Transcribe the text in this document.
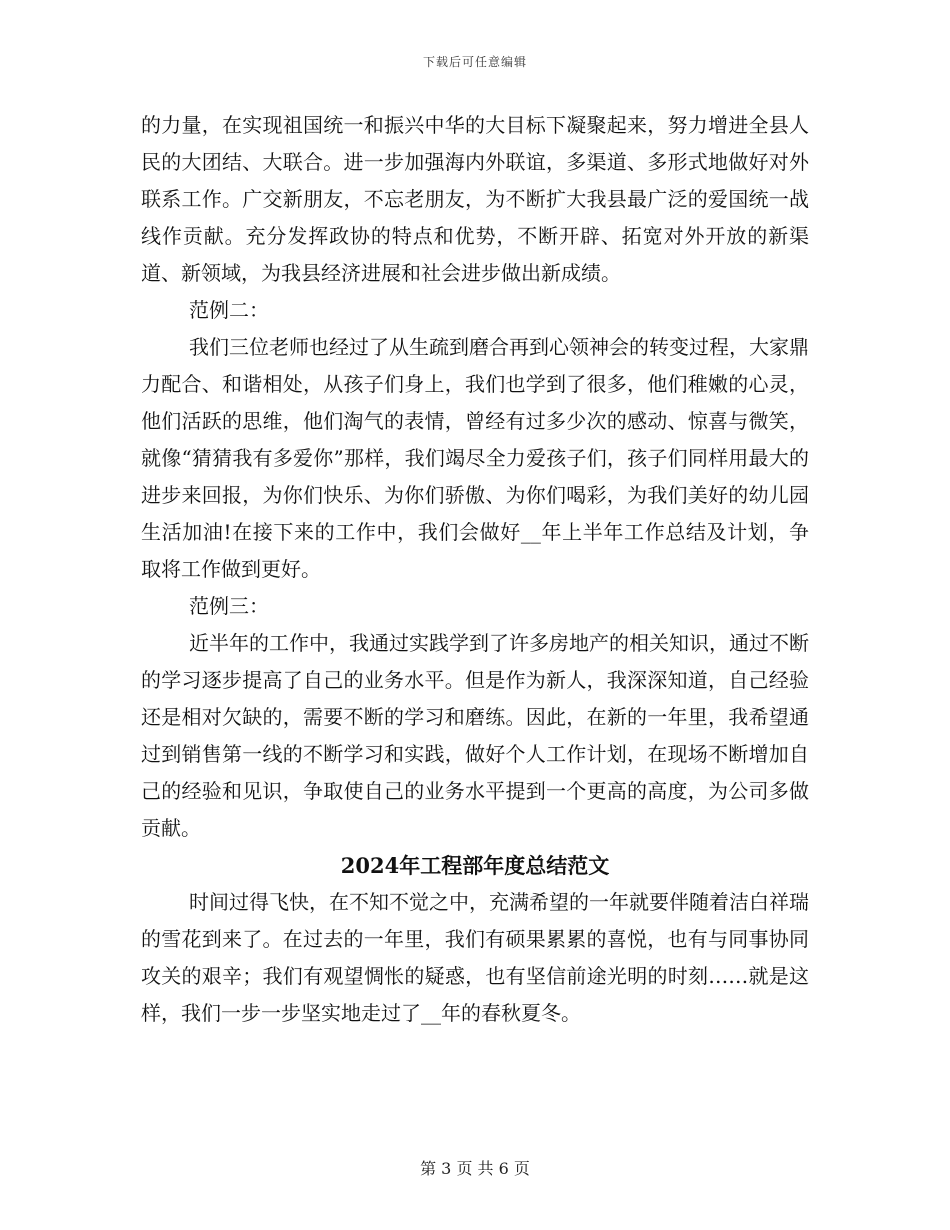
下载后可任意编辑

的力量，在实现祖国统一和振兴中华的大目标下凝聚起来，努力增进全县人民的大团结、大联合。进一步加强海内外联谊，多渠道、多形式地做好对外联系工作。广交新朋友，不忘老朋友，为不断扩大我县最广泛的爱国统一战线作贡献。充分发挥政协的特点和优势，不断开辟、拓宽对外开放的新渠道、新领域，为我县经济进展和社会进步做出新成绩。

范例二：

我们三位老师也经过了从生疏到磨合再到心领神会的转变过程，大家鼎力配合、和谐相处，从孩子们身上，我们也学到了很多，他们稚嫩的心灵，他们活跃的思维，他们淘气的表情，曾经有过多少次的感动、惊喜与微笑，就像“猜猜我有多爱你”那样，我们竭尽全力爱孩子们，孩子们同样用最大的进步来回报，为你们快乐、为你们骄傲、为你们喝彩，为我们美好的幼儿园生活加油!在接下来的工作中，我们会做好__年上半年工作总结及计划，争取将工作做到更好。

范例三：

近半年的工作中，我通过实践学到了许多房地产的相关知识，通过不断的学习逐步提高了自己的业务水平。但是作为新人，我深深知道，自己经验还是相对欠缺的，需要不断的学习和磨练。因此，在新的一年里，我希望通过到销售第一线的不断学习和实践，做好个人工作计划，在现场不断增加自己的经验和见识，争取使自己的业务水平提到一个更高的高度，为公司多做贡献。

2024年工程部年度总结范文

时间过得飞快，在不知不觉之中，充满希望的一年就要伴随着洁白祥瑞的雪花到来了。在过去的一年里，我们有硕果累累的喜悦，也有与同事协同攻关的艰辛；我们有观望惆怅的疑惑，也有坚信前途光明的时刻……就是这样，我们一步一步坚实地走过了__年的春秋夏冬。

第 3 页 共 6 页
